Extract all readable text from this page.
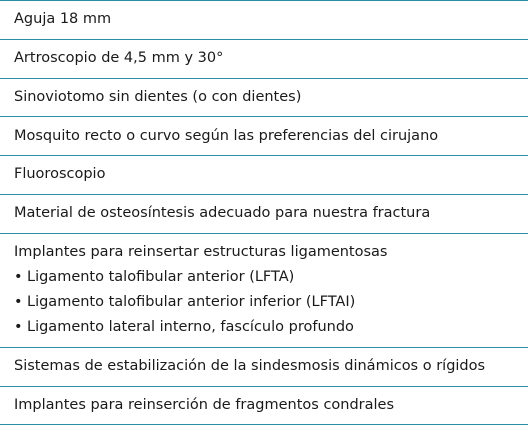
Aguja 18 mm
Artroscopio de 4,5 mm y 30°
Sinoviotomo sin dientes (o con dientes)
Mosquito recto o curvo según las preferencias del cirujano
Fluoroscopio
Material de osteosíntesis adecuado para nuestra fractura
Implantes para reinsertar estructuras ligamentosas
• Ligamento talofibular anterior (LFTA)
• Ligamento talofibular anterior inferior (LFTAI)
• Ligamento lateral interno, fascículo profundo
Sistemas de estabilización de la sindesmosis dinámicos o rígidos
Implantes para reinserción de fragmentos condrales
